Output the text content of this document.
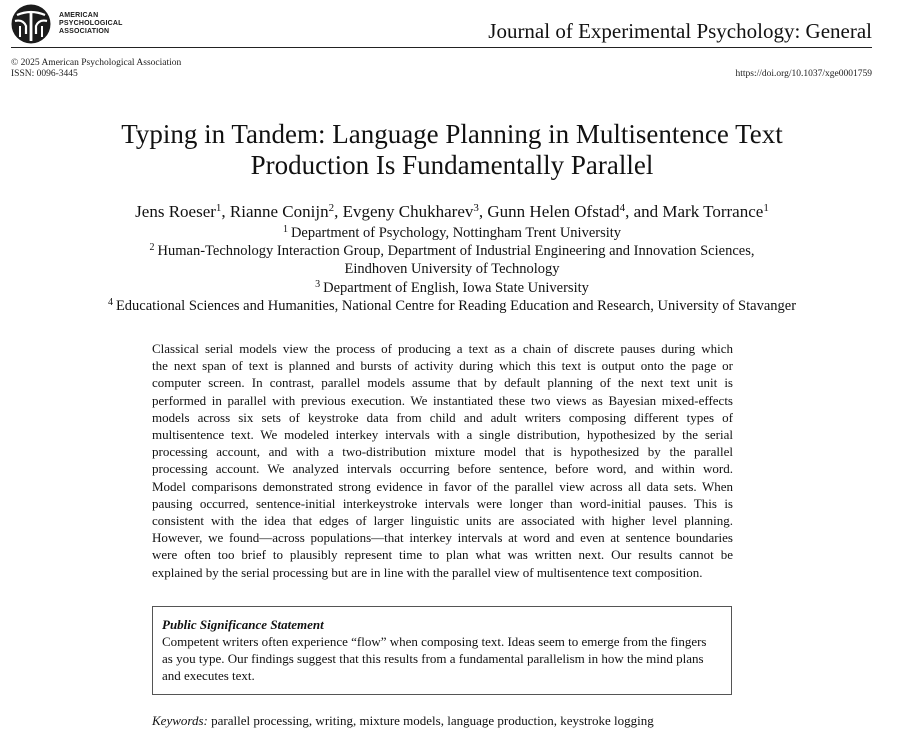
AMERICAN
PSYCHOLOGICAL
ASSOCIATION	Journal of Experimental Psychology: General
© 2025 American Psychological Association
ISSN: 0096-3445	https://doi.org/10.1037/xge0001759
Typing in Tandem: Language Planning in Multisentence Text
Production Is Fundamentally Parallel
Jens Roeser$^1$, Rianne Conijn$^2$, Evgeny Chukharev$^3$, Gunn Helen Ofstad$^4$, and Mark Torrance$^1$
$^1$ Department of Psychology, Nottingham Trent University
$^2$ Human-Technology Interaction Group, Department of Industrial Engineering and Innovation Sciences,
Eindhoven University of Technology
$^3$ Department of English, Iowa State University
$^4$ Educational Sciences and Humanities, National Centre for Reading Education and Research, University of Stavanger
Classical serial models view the process of producing a text as a chain of discrete pauses during which
the next span of text is planned and bursts of activity during which this text is output onto the page or
computer screen. In contrast, parallel models assume that by default planning of the next text unit is
performed in parallel with previous execution. We instantiated these two views as Bayesian mixed-effects
models across six sets of keystroke data from child and adult writers composing different types of
multisentence text. We modeled interkey intervals with a single distribution, hypothesized by the serial
processing account, and with a two-distribution mixture model that is hypothesized by the parallel
processing account. We analyzed intervals occurring before sentence, before word, and within word.
Model comparisons demonstrated strong evidence in favor of the parallel view across all data sets. When
pausing occurred, sentence-initial interkeystroke intervals were longer than word-initial pauses. This is
consistent with the idea that edges of larger linguistic units are associated with higher level planning.
However, we found—across populations—that interkey intervals at word and even at sentence boundaries
were often too brief to plausibly represent time to plan what was written next. Our results cannot be
explained by the serial processing but are in line with the parallel view of multisentence text composition.
Public Significance Statement
Competent writers often experience “flow” when composing text. Ideas seem to emerge from the fingers
as you type. Our findings suggest that this results from a fundamental parallelism in how the mind plans
and executes text.
Keywords: parallel processing, writing, mixture models, language production, keystroke logging
